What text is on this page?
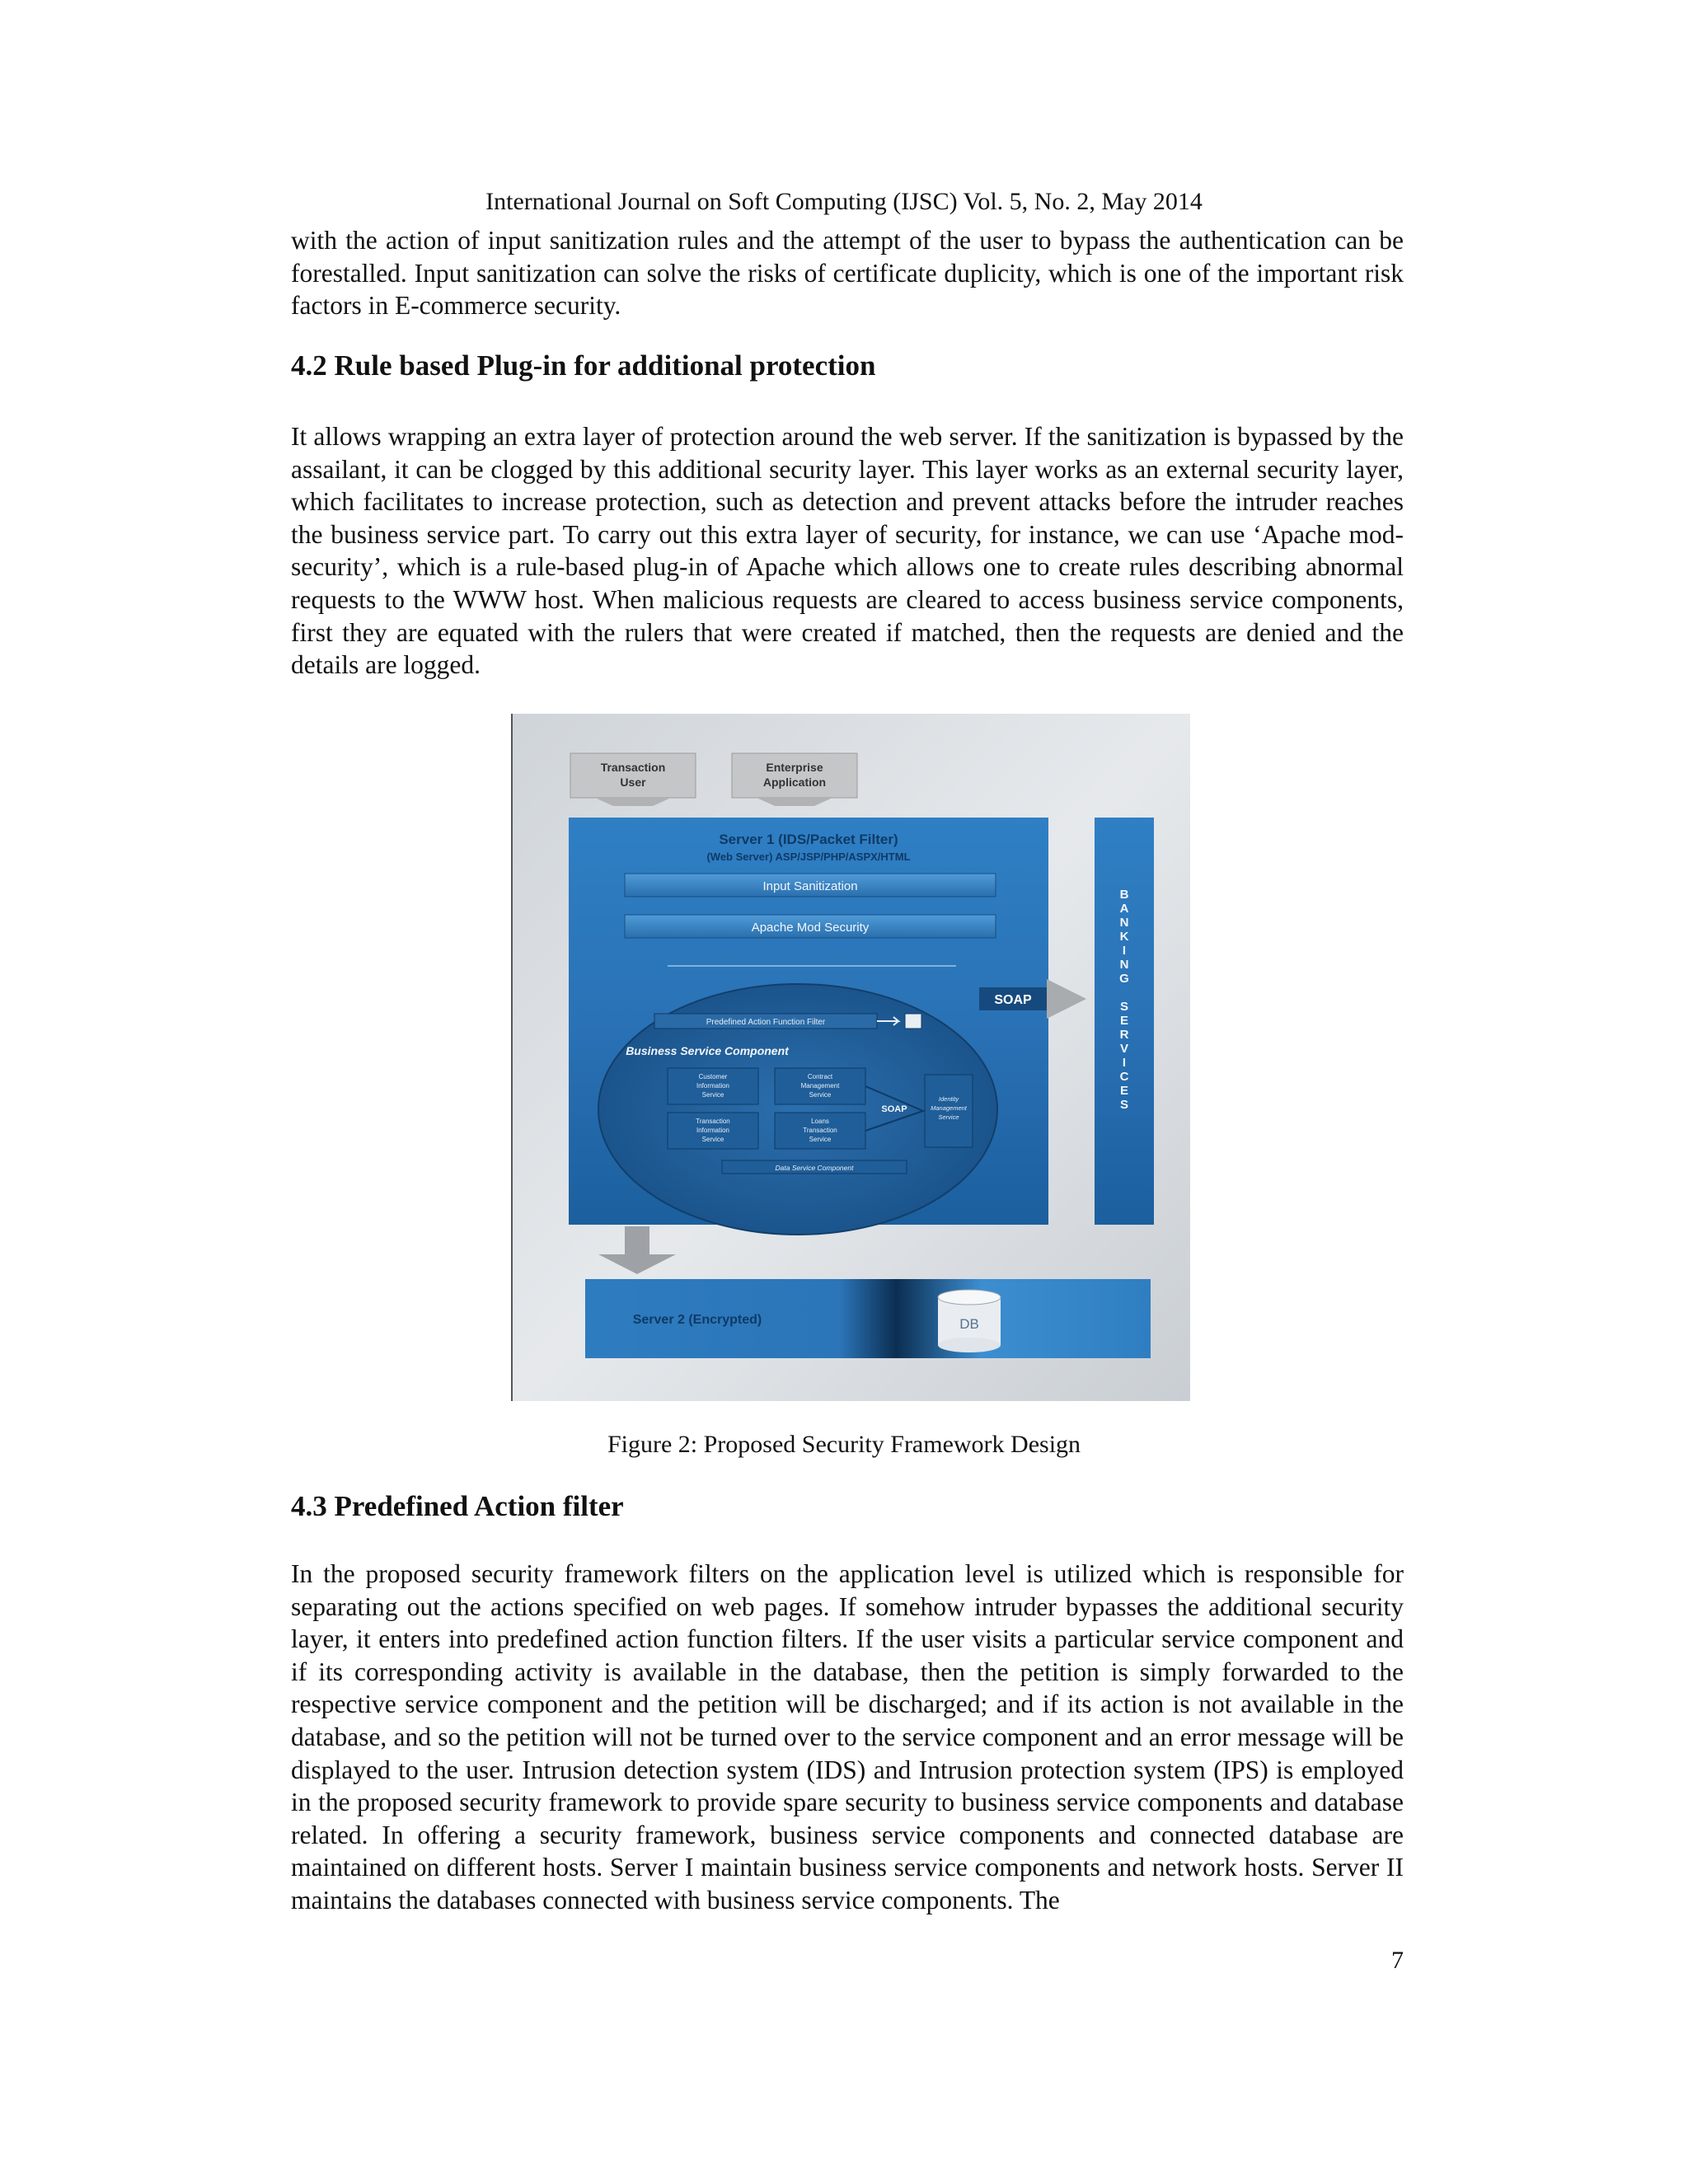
International Journal on Soft Computing (IJSC) Vol. 5, No. 2, May 2014

with the action of input sanitization rules and the attempt of the user to bypass the authentication can be forestalled. Input sanitization can solve the risks of certificate duplicity, which is one of the important risk factors in E-commerce security.

4.2 Rule based Plug-in for additional protection

It allows wrapping an extra layer of protection around the web server. If the sanitization is bypassed by the assailant, it can be clogged by this additional security layer. This layer works as an external security layer, which facilitates to increase protection, such as detection and prevent attacks before the intruder reaches the business service part. To carry out this extra layer of security, for instance, we can use ‘Apache mod-security’, which is a rule-based plug-in of Apache which allows one to create rules describing abnormal requests to the WWW host. When malicious requests are cleared to access business service components, first they are equated with the rulers that were created if matched, then the requests are denied and the details are logged.

Transaction
User
Enterprise
Application
Server 1 (IDS/Packet Filter)
(Web Server) ASP/JSP/PHP/ASPX/HTML
Input Sanitization
Apache Mod Security
Predefined Action Function Filter
Business Service Component
Customer
Information
Service
Contract
Management
Service
Transaction
Information
Service
Loans
Transaction
Service
SOAP
Identity
Management
Service
Data Service Component
SOAP
B A N K I N G S E R V I C E S
Server 2 (Encrypted)	DB
Figure 2: Proposed Security Framework Design
4.3 Predefined Action filter

In the proposed security framework filters on the application level is utilized which is responsible for separating out the actions specified on web pages. If somehow intruder bypasses the additional security layer, it enters into predefined action function filters. If the user visits a particular service component and if its corresponding activity is available in the database, then the petition is simply forwarded to the respective service component and the petition will be discharged; and if its action is not available in the database, and so the petition will not be turned over to the service component and an error message will be displayed to the user. Intrusion detection system (IDS) and Intrusion protection system (IPS) is employed in the proposed security framework to provide spare security to business service components and database related. In offering a security framework, business service components and connected database are maintained on different hosts. Server I maintain business service components and network hosts. Server II maintains the databases connected with business service components. The

7
